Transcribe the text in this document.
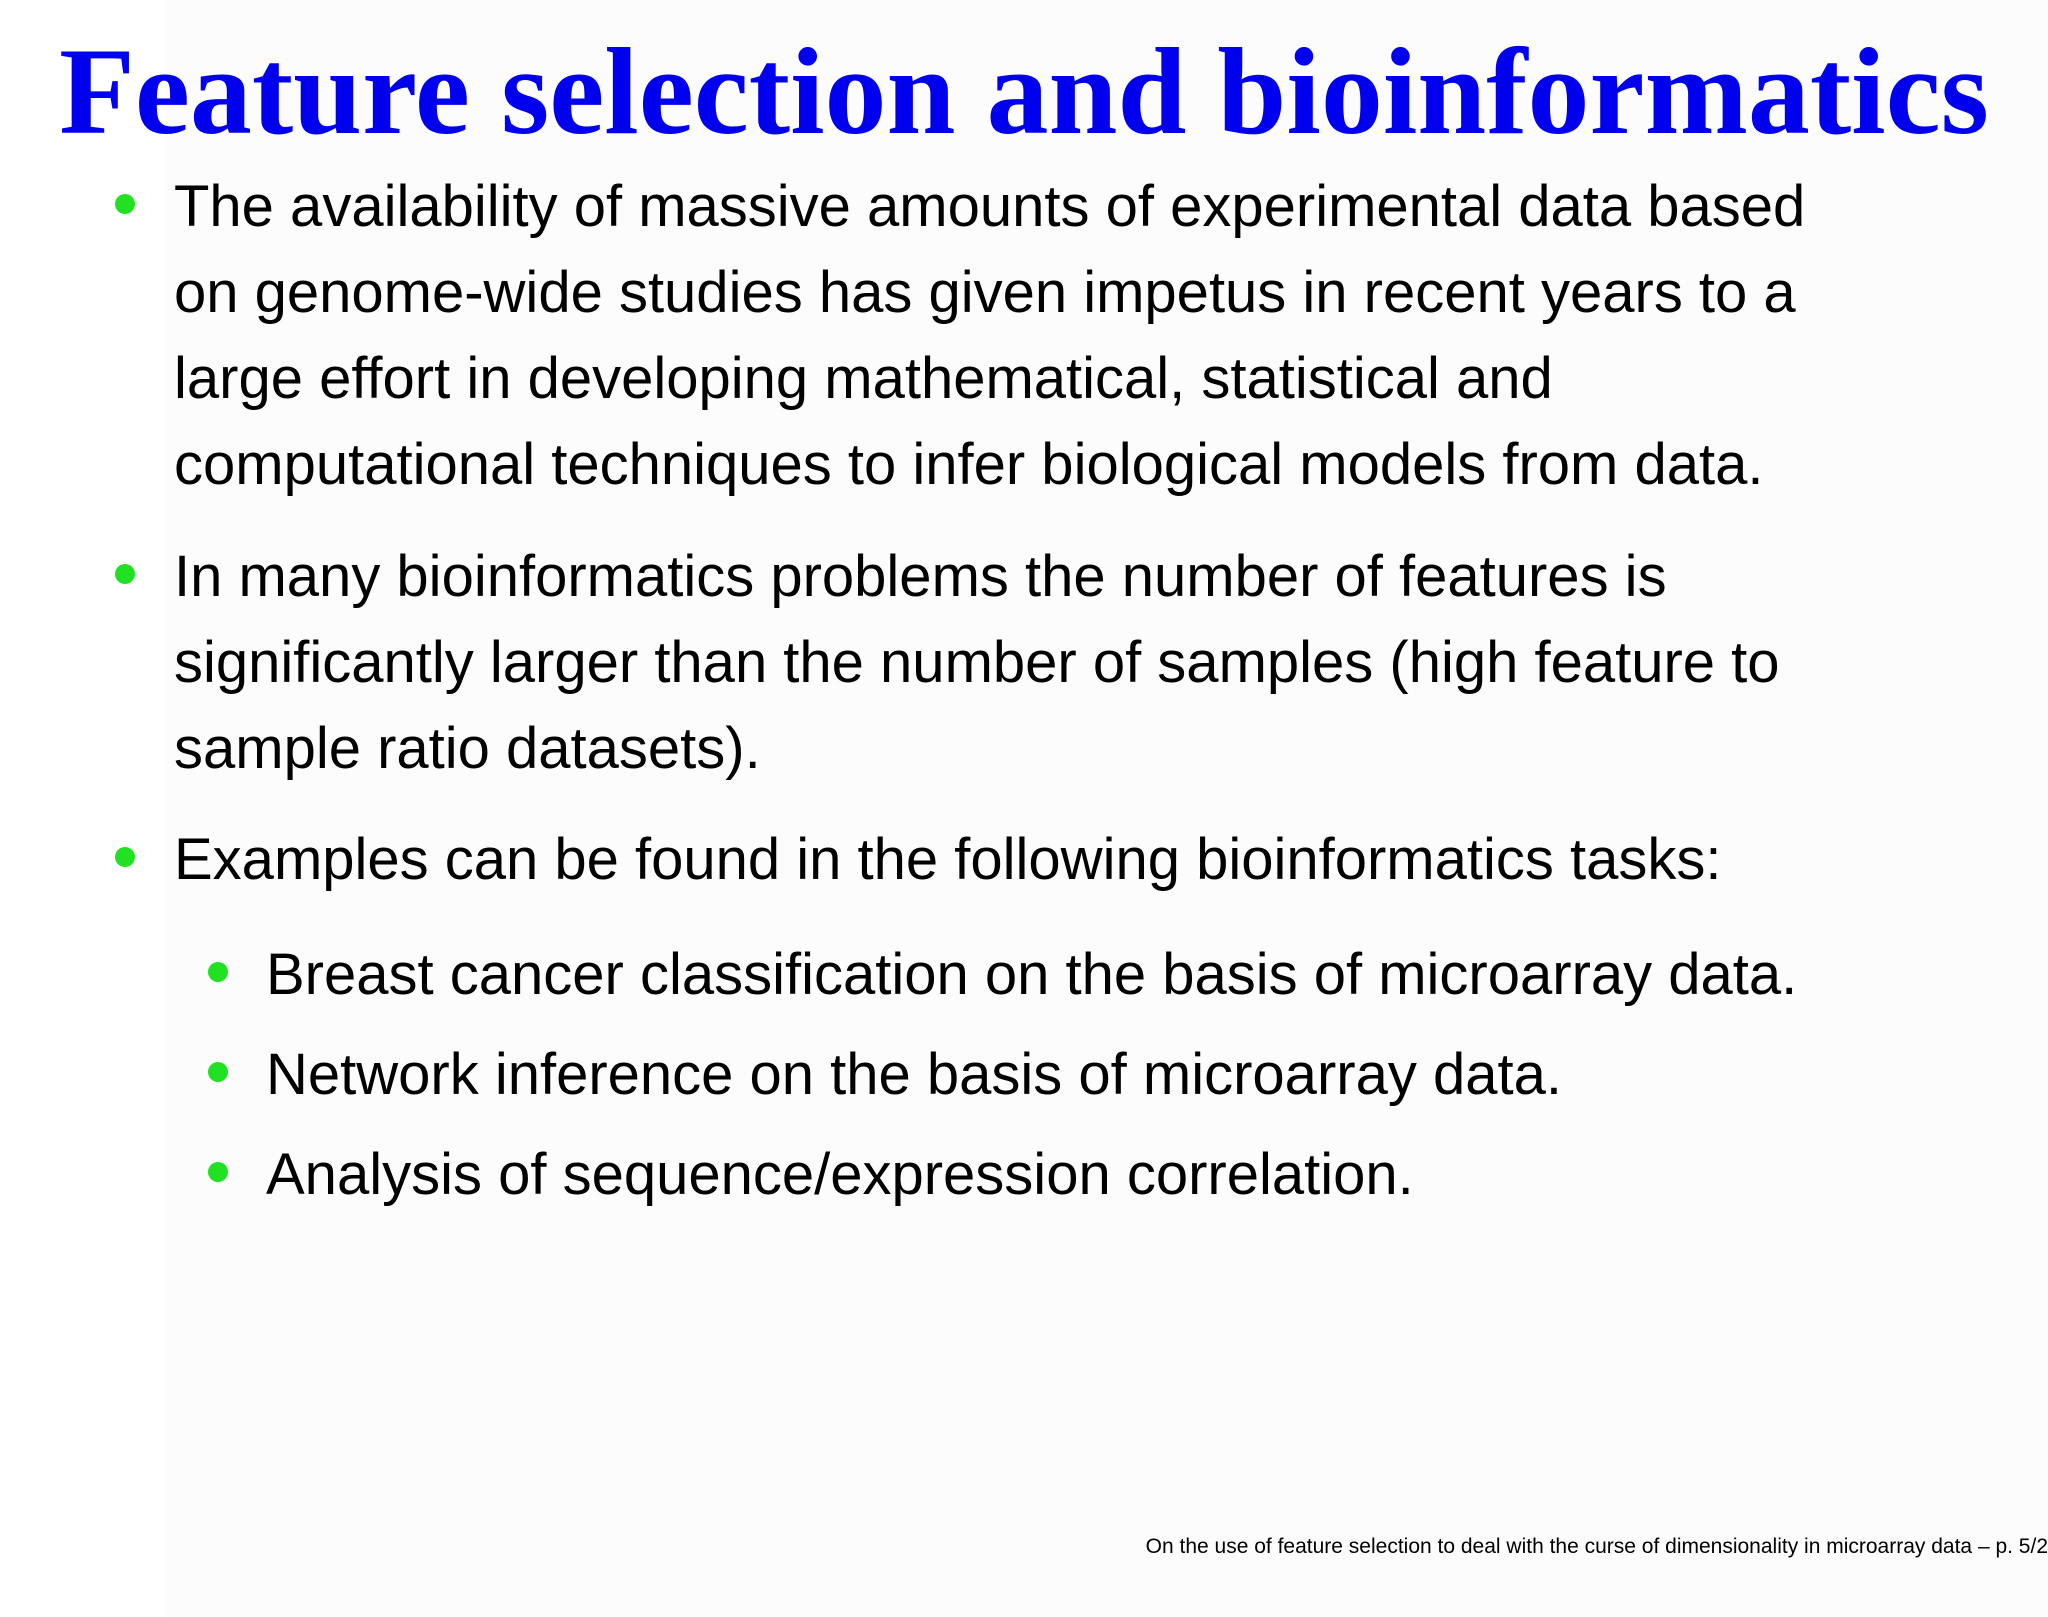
Feature selection and bioinformatics
The availability of massive amounts of experimental data based
on genome-wide studies has given impetus in recent years to a
large effort in developing mathematical, statistical and
computational techniques to infer biological models from data.
In many bioinformatics problems the number of features is
significantly larger than the number of samples (high feature to
sample ratio datasets).
Examples can be found in the following bioinformatics tasks:
Breast cancer classification on the basis of microarray data.
Network inference on the basis of microarray data.
Analysis of sequence/expression correlation.
On the use of feature selection to deal with the curse of dimensionality in microarray data – p. 5/2
